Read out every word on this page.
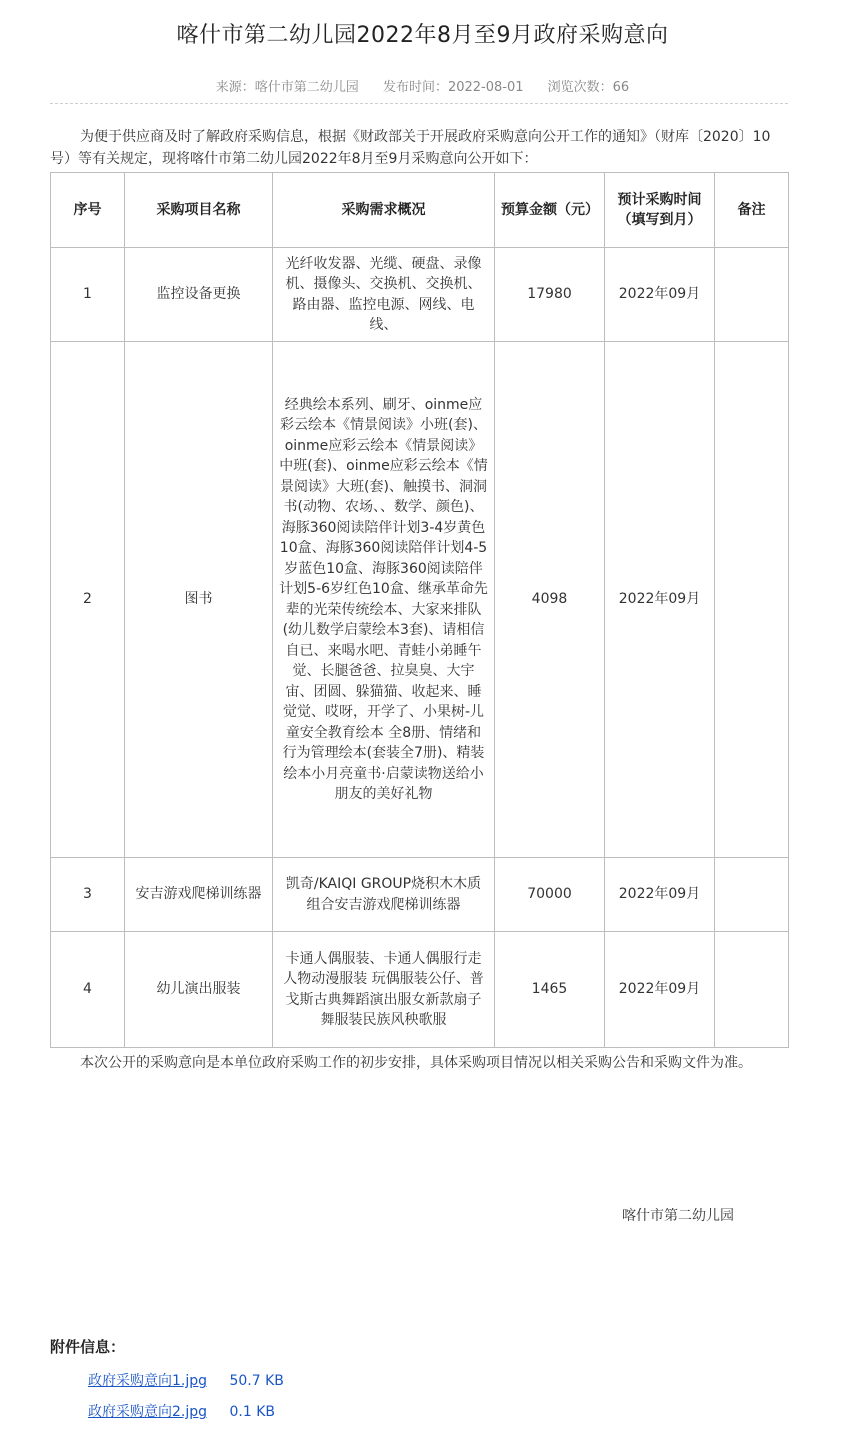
喀什市第二幼儿园2022年8月至9月政府采购意向
来源：喀什市第二幼儿园 发布时间：2022-08-01 浏览次数：66
为便于供应商及时了解政府采购信息，根据《财政部关于开展政府采购意向公开工作的通知》（财库〔2020〕10号）等有关规定，现将喀什市第二幼儿园2022年8月至9月采购意向公开如下：
序号	采购项目名称	采购需求概况	预算金额（元）	预计采购时间（填写到月）	备注
1	监控设备更换	光纤收发器、光缆、硬盘、录像机、摄像头、交换机、交换机、路由器、监控电源、网线、电线、	17980	2022年09月	
2	图书	经典绘本系列、刷牙、oinme应彩云绘本《情景阅读》小班(套)、oinme应彩云绘本《情景阅读》中班(套)、oinme应彩云绘本《情景阅读》大班(套)、触摸书、洞洞书(动物、农场、、数学、颜色)、海豚360阅读陪伴计划3-4岁黄色10盒、海豚360阅读陪伴计划4-5岁蓝色10盒、海豚360阅读陪伴计划5-6岁红色10盒、继承革命先辈的光荣传统绘本、大家来排队(幼儿数学启蒙绘本3套)、请相信自已、来喝水吧、青蛙小弟睡午觉、长腿爸爸、拉臭臭、大宇宙、团圆、躲猫猫、收起来、睡觉觉、哎呀，开学了、小果树-儿童安全教育绘本 全8册、情绪和行为管理绘本(套装全7册)、精装绘本小月亮童书·启蒙读物送给小朋友的美好礼物	4098	2022年09月	
3	安吉游戏爬梯训练器	凯奇/KAIQI GROUP烧积木木质组合安吉游戏爬梯训练器	70000	2022年09月	
4	幼儿演出服装	卡通人偶服装、卡通人偶服行走人物动漫服装 玩偶服装公仔、普戈斯古典舞蹈演出服女新款扇子舞服装民族风秧歌服	1465	2022年09月	
本次公开的采购意向是本单位政府采购工作的初步安排，具体采购项目情况以相关采购公告和采购文件为准。
喀什市第二幼儿园
附件信息：
政府采购意向1.jpg 50.7 KB
政府采购意向2.jpg 0.1 KB
